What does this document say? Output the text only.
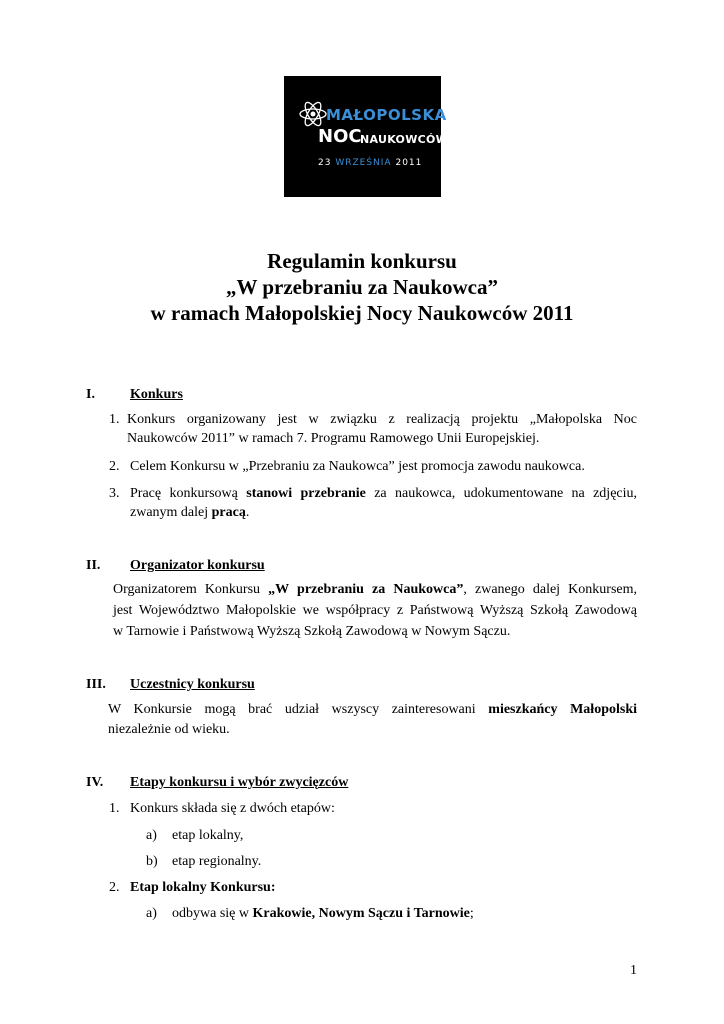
MAŁOPOLSKA
NOC
NAUKOWCÓW
23 WRZEŚNIA 2011
Regulamin konkursu
„W przebraniu za Naukowca”
w ramach Małopolskiej Nocy Naukowców 2011
I.	Konkurs
1. Konkurs organizowany jest w związku z realizacją projektu „Małopolska Noc
Naukowców 2011” w ramach 7. Programu Ramowego Unii Europejskiej.
2. Celem Konkursu w „Przebraniu za Naukowca” jest promocja zawodu naukowca.
3. Pracę konkursową stanowi przebranie za naukowca, udokumentowane na zdjęciu,
zwanym dalej pracą.
II. Organizator konkursu
Organizatorem Konkursu „W przebraniu za Naukowca”, zwanego dalej Konkursem,
jest Województwo Małopolskie we współpracy z Państwową Wyższą Szkołą Zawodową
w Tarnowie i Państwową Wyższą Szkołą Zawodową w Nowym Sączu.
III. Uczestnicy konkursu
W Konkursie mogą brać udział wszyscy zainteresowani mieszkańcy Małopolski
niezależnie od wieku.
IV. Etapy konkursu i wybór zwycięzców
1. Konkurs składa się z dwóch etapów:
a) etap lokalny,
b) etap regionalny.
2. Etap lokalny Konkursu:
a) odbywa się w Krakowie, Nowym Sączu i Tarnowie;
1
